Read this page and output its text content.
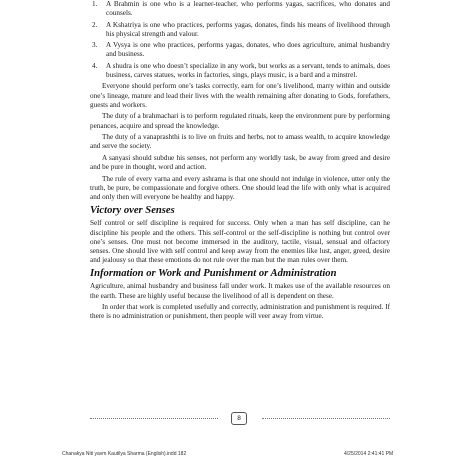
1. A Brahmin is one who is a learner-teacher, who performs yagas, sacrifices, who donates and counsels.
2. A Kshatriya is one who practices, performs yagas, donates, finds his means of livelihood through his physical strength and valour.
3. A Vysya is one who practices, performs yagas, donates, who does agriculture, animal husbandry and business.
4. A shudra is one who doesn’t specialize in any work, but works as a servant, tends to animals, does business, carves statues, works in factories, sings, plays music, is a bard and a minstrel.

Everyone should perform one’s tasks correctly, earn for one’s livelihood, marry within and outside one’s lineage, mature and lead their lives with the wealth remaining after donating to Gods, forefathers, guests and workers.

The duty of a brahmachari is to perform regulated rituals, keep the environment pure by performing penances, acquire and spread the knowledge.

The duty of a vanaprashthi is to live on fruits and herbs, not to amass wealth, to acquire knowledge and serve the society.

A sanyasi should subdue his senses, not perform any worldly task, be away from greed and desire and be pure in thought, word and action.

The rule of every varna and every ashrama is that one should not indulge in violence, utter only the truth, be pure, be compassionate and forgive others. One should lead the life with only what is acquired and only then will everyone be healthy and happy.

Victory over Senses

Self control or self discipline is required for success. Only when a man has self discipline, can he discipline his people and the others. This self-control or the self-discipline is nothing but control over one’s senses. One must not become immersed in the auditory, tactile, visual, sensual and olfactory senses. One should live with self control and keep away from the enemies like lust, anger, greed, desire and jealousy so that these emotions do not rule over the man but the man rules over them.

Information or Work and Punishment or Administration

Agriculture, animal husbandry and business fall under work. It makes use of the available resources on the earth. These are highly useful because the livelihood of all is dependent on these.

In order that work is completed usefully and correctly, administration and punishment is required. If there is no administration or punishment, then people will veer away from virtue.

8
Chanakya Niti yavm Kautilya Sharma (English).indd 182	4/25/2014 2:41:41 PM
